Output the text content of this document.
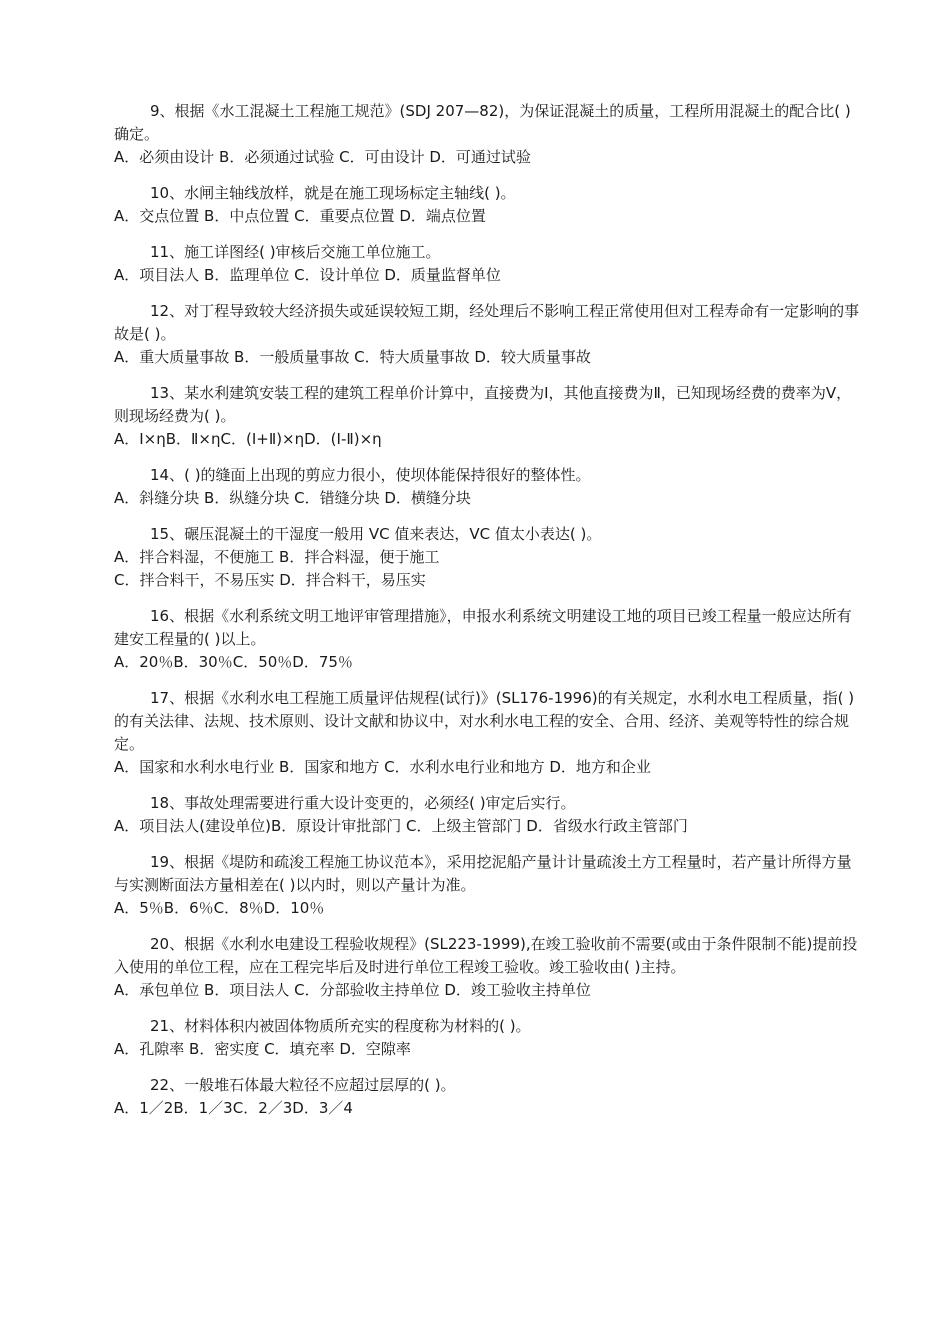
9、根据《水工混凝土工程施工规范》(SDJ 207—82)，为保证混凝土的质量，工程所用混凝土的配合比( )确定。

A．必须由设计 B．必须通过试验 C．可由设计 D．可通过试验

10、水闸主轴线放样，就是在施工现场标定主轴线( )。

A．交点位置 B．中点位置 C．重要点位置 D．端点位置

11、施工详图经( )审核后交施工单位施工。

A．项目法人 B．监理单位 C．设计单位 D．质量监督单位

12、对丁程导致较大经济损失或延误较短工期，经处理后不影响工程正常使用但对工程寿命有一定影响的事故是( )。

A．重大质量事故 B．一般质量事故 C．特大质量事故 D．较大质量事故

13、某水利建筑安装工程的建筑工程单价计算中，直接费为Ⅰ，其他直接费为Ⅱ，已知现场经费的费率为Ⅴ，则现场经费为( )。

A．Ⅰ×ηB．Ⅱ×ηC．(Ⅰ+Ⅱ)×ηD．(Ⅰ-Ⅱ)×η

14、( )的缝面上出现的剪应力很小，使坝体能保持很好的整体性。

A．斜缝分块 B．纵缝分块 C．错缝分块 D．横缝分块

15、碾压混凝土的干湿度一般用 VC 值来表达，VC 值太小表达( )。

A．拌合料湿，不便施工 B．拌合料湿，便于施工

C．拌合料干，不易压实 D．拌合料干，易压实

16、根据《水利系统文明工地评审管理措施》，申报水利系统文明建设工地的项目已竣工程量一般应达所有建安工程量的( )以上。

A．20％B．30％C．50％D．75％

17、根据《水利水电工程施工质量评估规程(试行)》(SL176-1996)的有关规定，水利水电工程质量，指( )的有关法律、法规、技术原则、设计文献和协议中，对水利水电工程的安全、合用、经济、美观等特性的综合规定。

A．国家和水利水电行业 B．国家和地方 C．水利水电行业和地方 D．地方和企业

18、事故处理需要进行重大设计变更的，必须经( )审定后实行。

A．项目法人(建设单位)B．原设计审批部门 C．上级主管部门 D．省级水行政主管部门

19、根据《堤防和疏浚工程施工协议范本》，采用挖泥船产量计计量疏浚土方工程量时，若产量计所得方量与实测断面法方量相差在( )以内时，则以产量计为准。

A．5％B．6％C．8％D．10％

20、根据《水利水电建设工程验收规程》(SL223-1999),在竣工验收前不需要(或由于条件限制不能)提前投入使用的单位工程，应在工程完毕后及时进行单位工程竣工验收。竣工验收由( )主持。

A．承包单位 B．项目法人 C．分部验收主持单位 D．竣工验收主持单位

21、材料体积内被固体物质所充实的程度称为材料的( )。

A．孔隙率 B．密实度 C．填充率 D．空隙率

22、一般堆石体最大粒径不应超过层厚的( )。

A．1／2B．1／3C．2／3D．3／4
